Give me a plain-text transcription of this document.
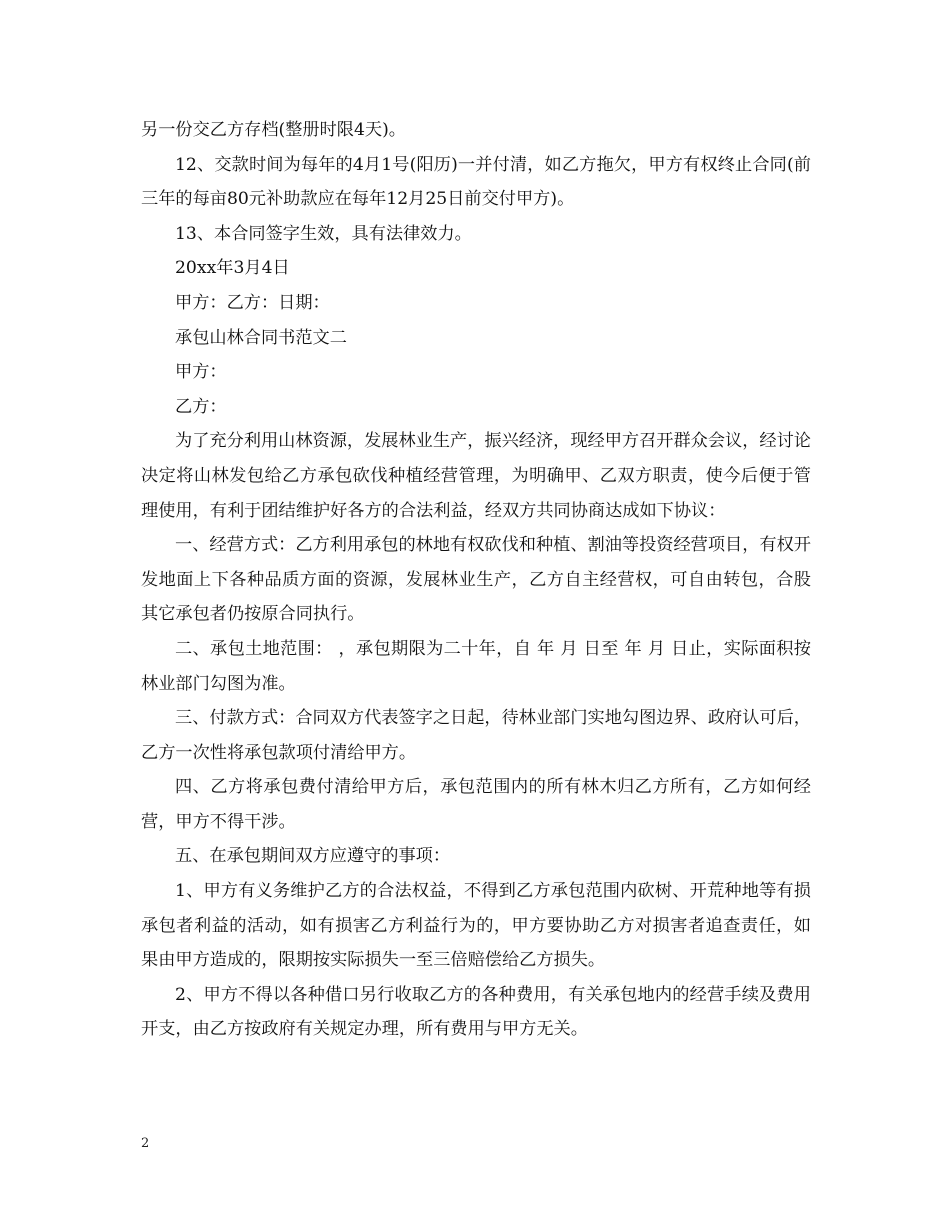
另一份交乙方存档(整册时限4天)。

12、交款时间为每年的4月1号(阳历)一并付清，如乙方拖欠，甲方有权终止合同(前三年的每亩80元补助款应在每年12月25日前交付甲方)。

13、本合同签字生效，具有法律效力。

20xx年3月4日

甲方：乙方：日期：

承包山林合同书范文二

甲方：

乙方：

为了充分利用山林资源，发展林业生产，振兴经济，现经甲方召开群众会议，经讨论决定将山林发包给乙方承包砍伐种植经营管理，为明确甲、乙双方职责，使今后便于管理使用，有利于团结维护好各方的合法利益，经双方共同协商达成如下协议：

一、经营方式：乙方利用承包的林地有权砍伐和种植、割油等投资经营项目，有权开发地面上下各种品质方面的资源，发展林业生产，乙方自主经营权，可自由转包，合股其它承包者仍按原合同执行。

二、承包土地范围： ，承包期限为二十年，自 年 月 日至 年 月 日止，实际面积按林业部门勾图为准。

三、付款方式：合同双方代表签字之日起，待林业部门实地勾图边界、政府认可后，乙方一次性将承包款项付清给甲方。

四、乙方将承包费付清给甲方后，承包范围内的所有林木归乙方所有，乙方如何经营，甲方不得干涉。

五、在承包期间双方应遵守的事项：

1、甲方有义务维护乙方的合法权益，不得到乙方承包范围内砍树、开荒种地等有损承包者利益的活动，如有损害乙方利益行为的，甲方要协助乙方对损害者追查责任，如果由甲方造成的，限期按实际损失一至三倍赔偿给乙方损失。

2、甲方不得以各种借口另行收取乙方的各种费用，有关承包地内的经营手续及费用开支，由乙方按政府有关规定办理，所有费用与甲方无关。

2
